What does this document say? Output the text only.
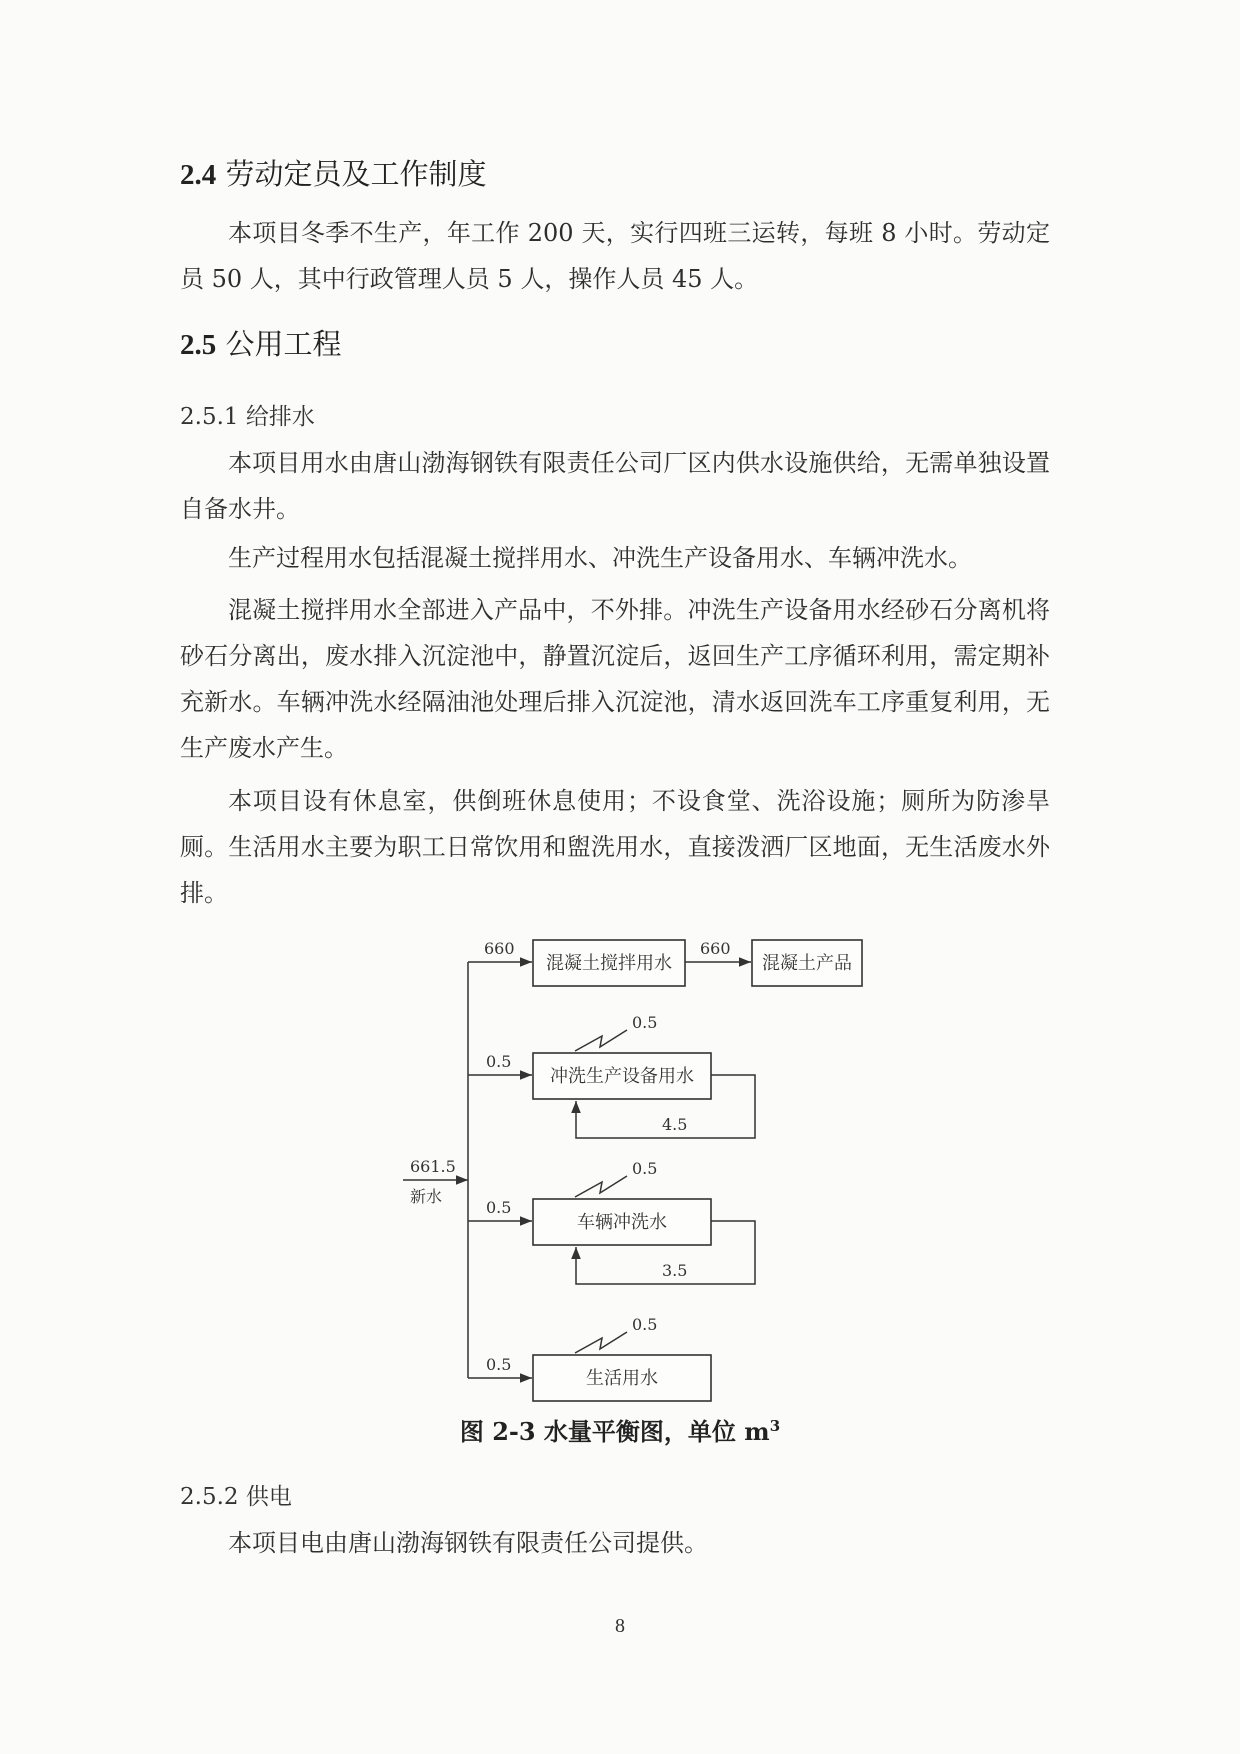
2.4 劳动定员及工作制度

本项目冬季不生产，年工作 200 天，实行四班三运转，每班 8 小时。劳动定员 50 人，其中行政管理人员 5 人，操作人员 45 人。

2.5 公用工程
2.5.1 给排水

本项目用水由唐山渤海钢铁有限责任公司厂区内供水设施供给，无需单独设置自备水井。

生产过程用水包括混凝土搅拌用水、冲洗生产设备用水、车辆冲洗水。

混凝土搅拌用水全部进入产品中，不外排。冲洗生产设备用水经砂石分离机将砂石分离出，废水排入沉淀池中，静置沉淀后，返回生产工序循环利用，需定期补充新水。车辆冲洗水经隔油池处理后排入沉淀池，清水返回洗车工序重复利用，无生产废水产生。

本项目设有休息室，供倒班休息使用；不设食堂、洗浴设施；厕所为防渗旱厕。生活用水主要为职工日常饮用和盥洗用水，直接泼洒厂区地面，无生活废水外排。

661.5
新水
660
混凝土搅拌用水
660
混凝土产品
0.5
冲洗生产设备用水
0.5
4.5
0.5
车辆冲洗水
0.5
3.5
0.5
生活用水
0.5
图 2-3 水量平衡图，单位 $m^3$
2.5.2 供电

本项目电由唐山渤海钢铁有限责任公司提供。

8
